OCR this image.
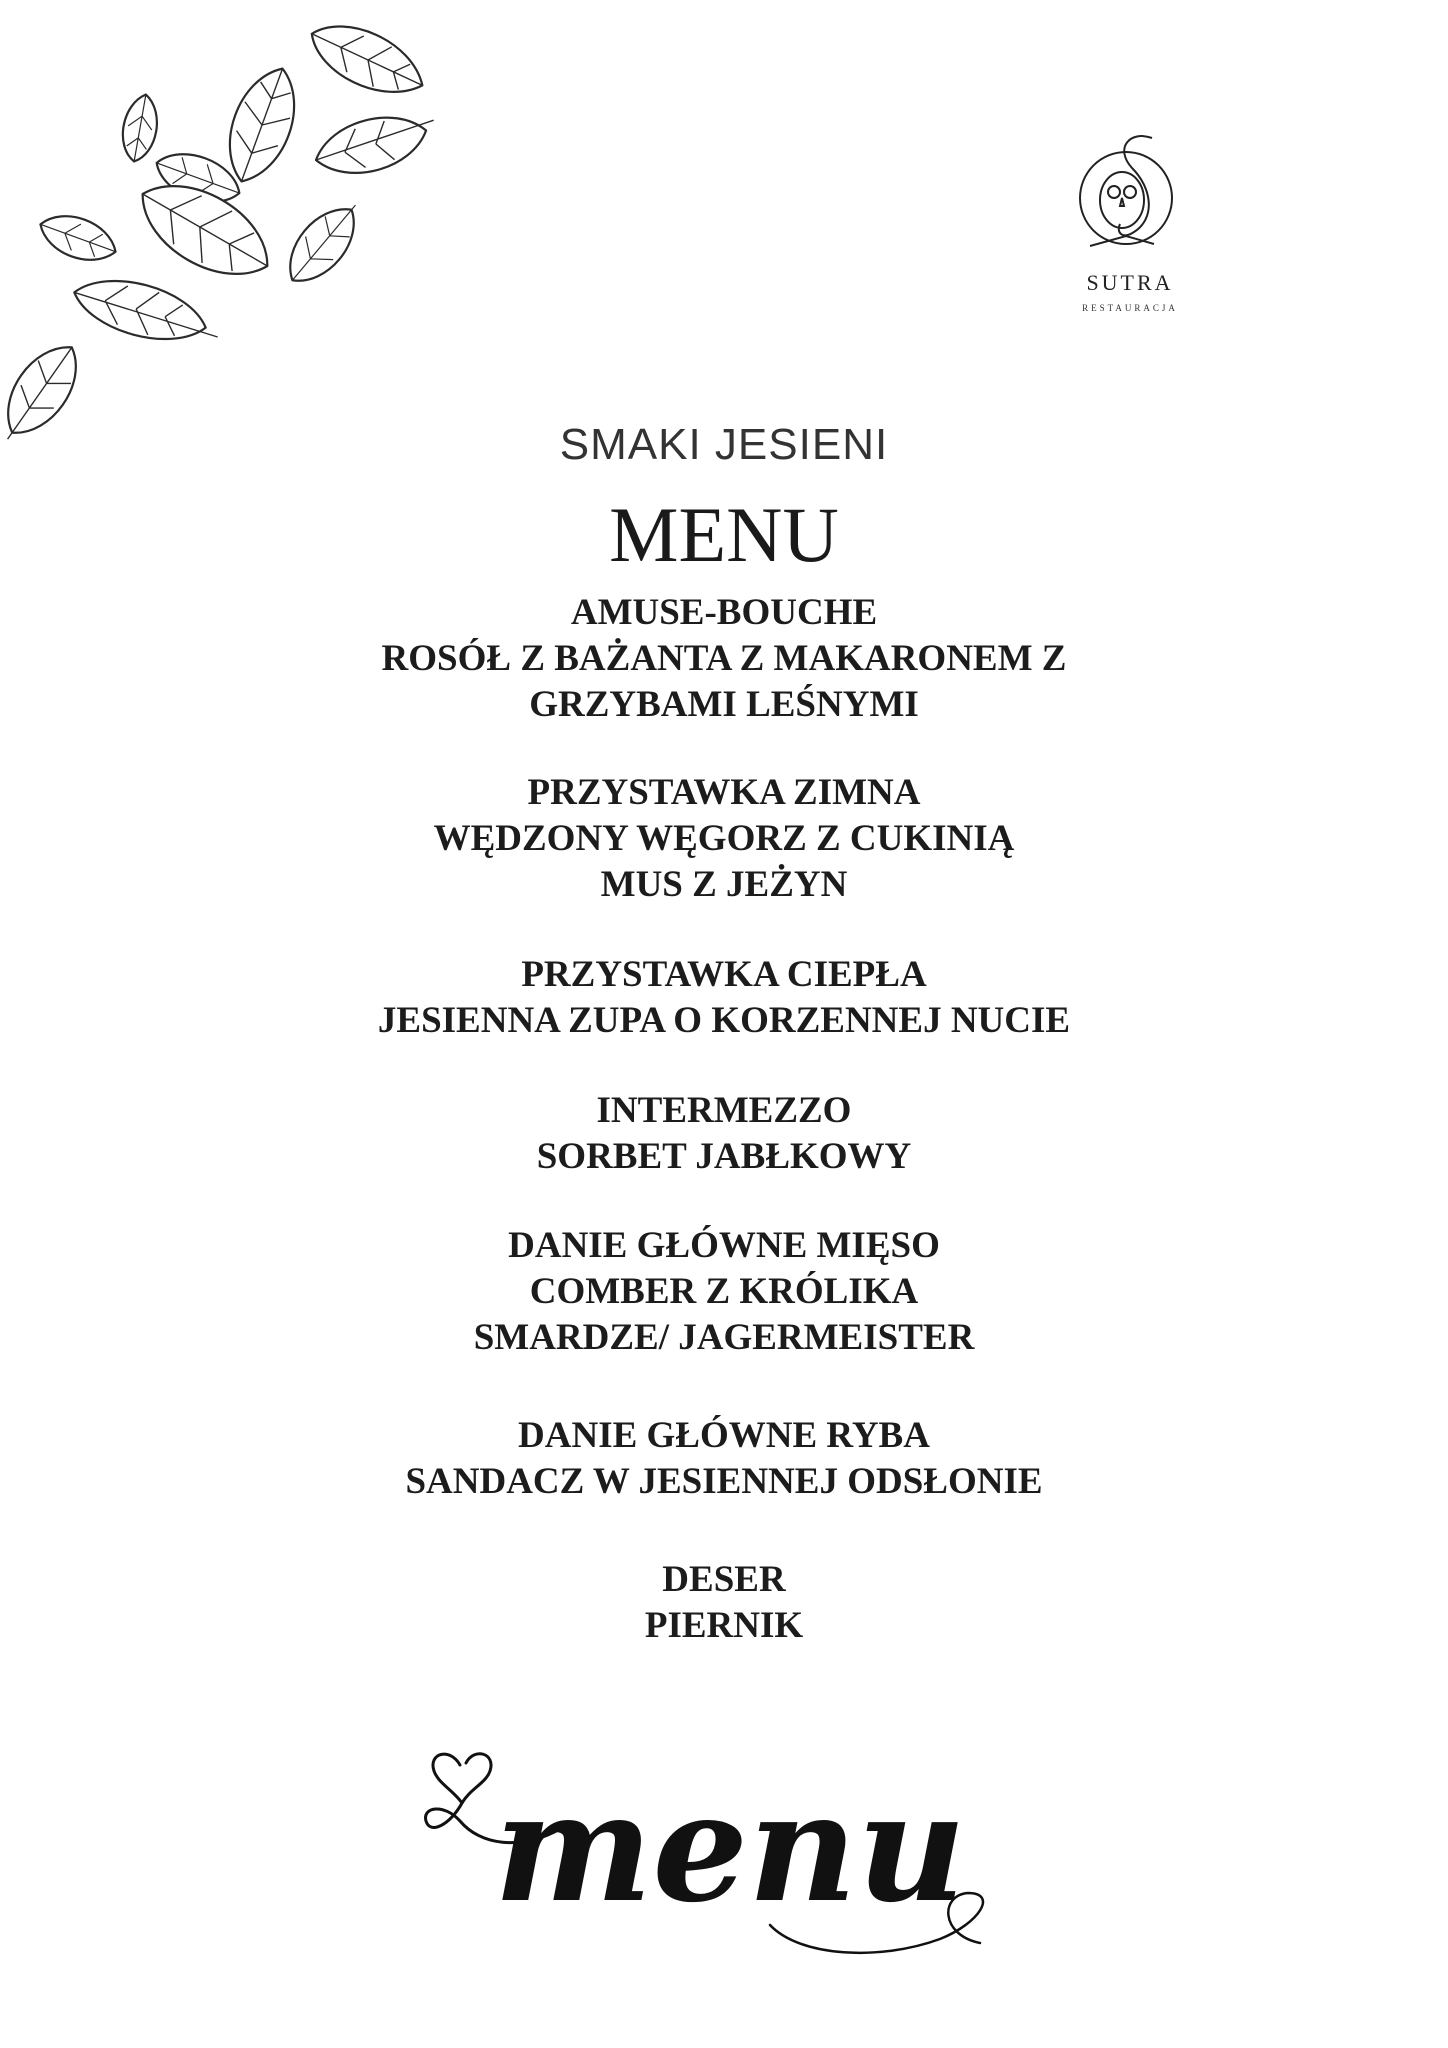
SUTRA
RESTAURACJA
SMAKI JESIENI
MENU
AMUSE-BOUCHE
ROSÓŁ Z BAŻANTA Z MAKARONEM Z
GRZYBAMI LEŚNYMI
PRZYSTAWKA ZIMNA
WĘDZONY WĘGORZ Z CUKINIĄ
MUS Z JEŻYN
PRZYSTAWKA CIEPŁA
JESIENNA ZUPA O KORZENNEJ NUCIE
INTERMEZZO
SORBET JABŁKOWY
DANIE GŁÓWNE MIĘSO
COMBER Z KRÓLIKA
SMARDZE/ JAGERMEISTER
DANIE GŁÓWNE RYBA
SANDACZ W JESIENNEJ ODSŁONIE
DESER
PIERNIK
menu
